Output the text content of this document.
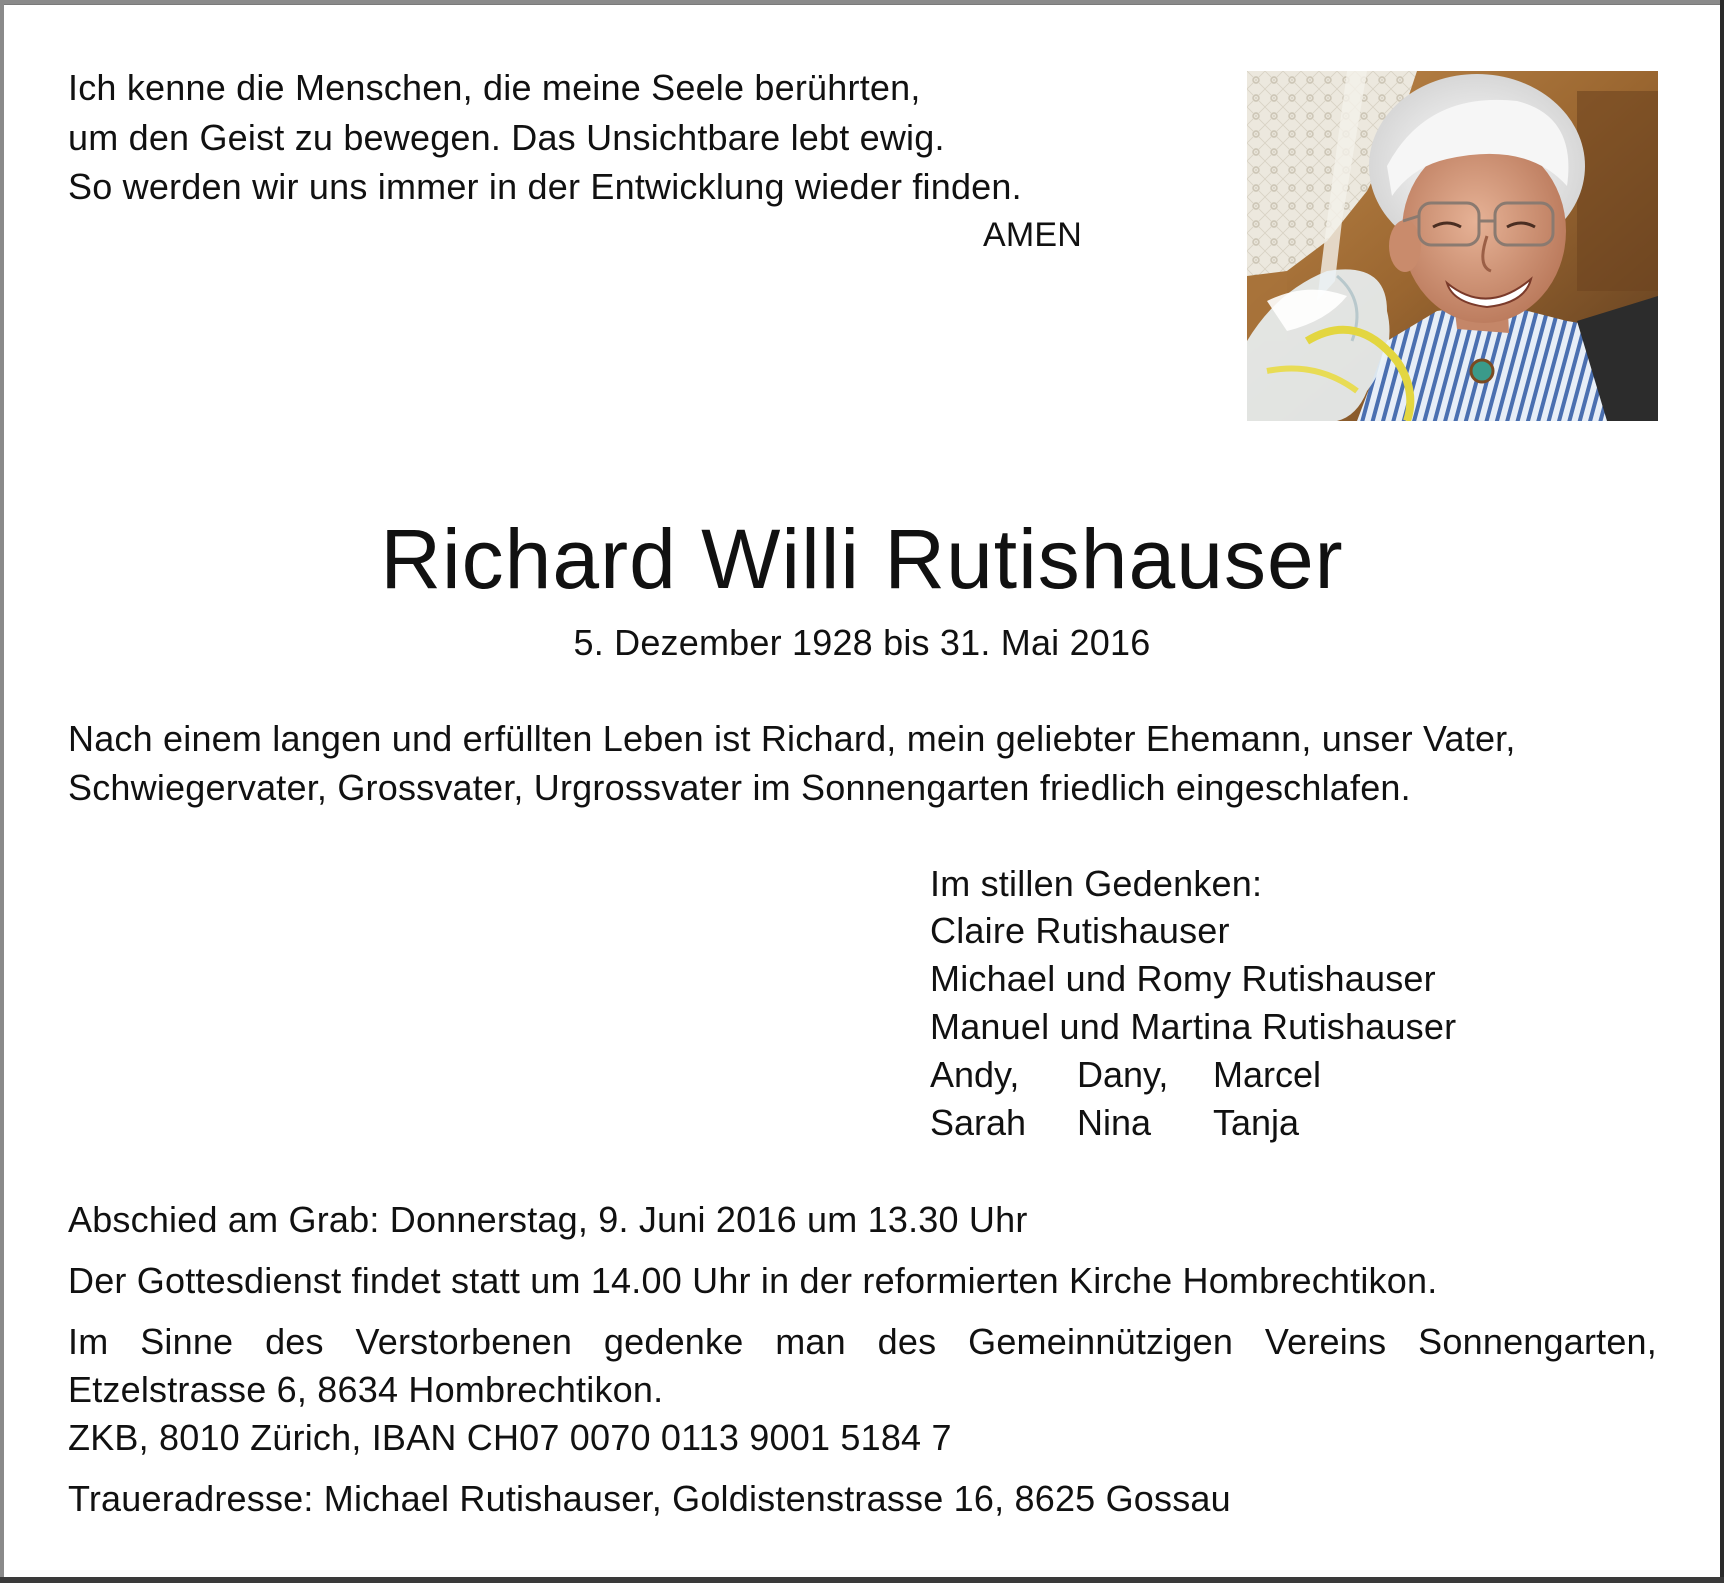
Ich kenne die Menschen, die meine Seele berührten,
um den Geist zu bewegen. Das Unsichtbare lebt ewig.
So werden wir uns immer in der Entwicklung wieder finden.
AMEN
Richard Willi Rutishauser
5. Dezember 1928 bis 31. Mai 2016
Nach einem langen und erfüllten Leben ist Richard, mein geliebter Ehemann, unser Vater,
Schwiegervater, Grossvater, Urgrossvater im Sonnengarten friedlich eingeschlafen.
Im stillen Gedenken:
Claire Rutishauser
Michael und Romy Rutishauser
Manuel und Martina Rutishauser
Andy, Dany, Marcel
Sarah Nina Tanja
Abschied am Grab: Donnerstag, 9. Juni 2016 um 13.30 Uhr
Der Gottesdienst findet statt um 14.00 Uhr in der reformierten Kirche Hombrechtikon.
Im Sinne des Verstorbenen gedenke man des Gemeinnützigen Vereins Sonnengarten,
Etzelstrasse 6, 8634 Hombrechtikon.
ZKB, 8010 Zürich, IBAN CH07 0070 0113 9001 5184 7
Traueradresse: Michael Rutishauser, Goldistenstrasse 16, 8625 Gossau
